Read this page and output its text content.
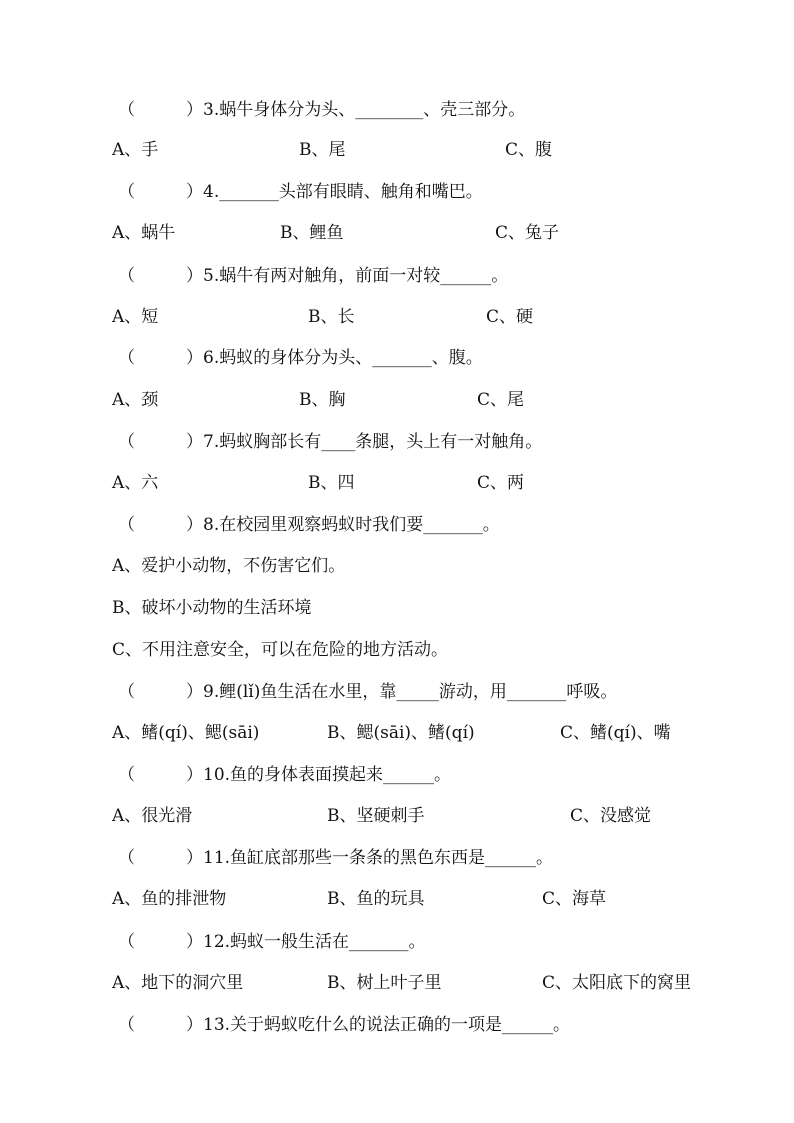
（　　　）3.蜗牛身体分为头、________、壳三部分。
A、手	B、尾	C、腹
（　　　）4._______头部有眼睛、触角和嘴巴。
A、蜗牛	B、鲤鱼	C、兔子
（　　　）5.蜗牛有两对触角，前面一对较______。
A、短	B、长	C、硬
（　　　）6.蚂蚁的身体分为头、_______、腹。
A、颈	B、胸	C、尾
（　　　）7.蚂蚁胸部长有____条腿，头上有一对触角。
A、六	B、四	C、两
（　　　）8.在校园里观察蚂蚁时我们要_______。
A、爱护小动物，不伤害它们。
B、破坏小动物的生活环境
C、不用注意安全，可以在危险的地方活动。
（　　　）9.鲤(lǐ)鱼生活在水里，靠_____游动，用_______呼吸。
A、鳍(qí)、鳃(sāi)	B、鳃(sāi)、鳍(qí)	C、鳍(qí)、嘴
（　　　）10.鱼的身体表面摸起来______。
A、很光滑	B、坚硬刺手	C、没感觉
（　　　）11.鱼缸底部那些一条条的黑色东西是______。
A、鱼的排泄物	B、鱼的玩具	C、海草
（　　　）12.蚂蚁一般生活在_______。
A、地下的洞穴里	B、树上叶子里	C、太阳底下的窝里
（　　　）13.关于蚂蚁吃什么的说法正确的一项是______。
